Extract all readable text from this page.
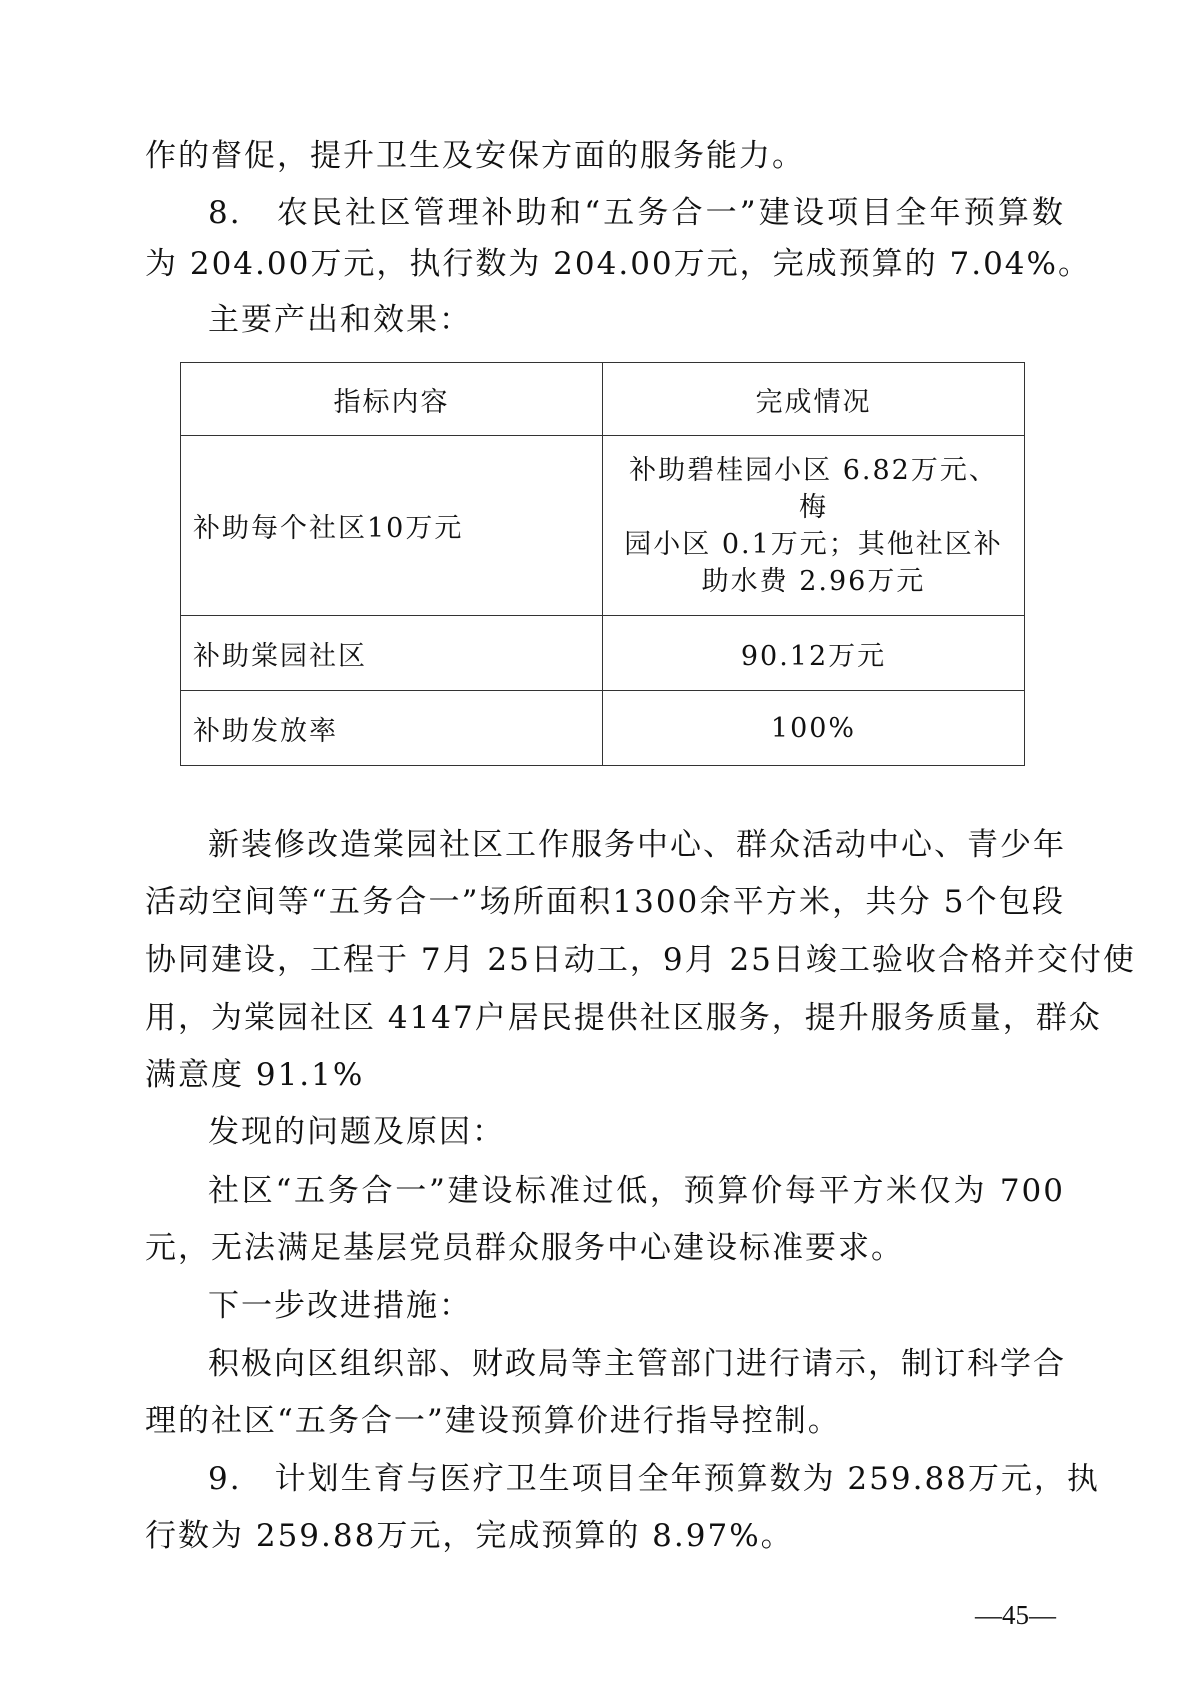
作的督促，提升卫生及安保方面的服务能力。
8.　农民社区管理补助和“五务合一”建设项目全年预算数
为 204.00万元，执行数为 204.00万元，完成预算的 7.04%。
主要产出和效果：
指标内容	完成情况
补助每个社区10万元	补助碧桂园小区 6.82万元、梅
园小区 0.1万元；其他社区补
助水费 2.96万元

补助棠园社区	90.12万元
补助发放率	100%
新装修改造棠园社区工作服务中心、群众活动中心、青少年
活动空间等“五务合一”场所面积1300余平方米，共分 5个包段
协同建设，工程于 7月 25日动工，9月 25日竣工验收合格并交付使
用，为棠园社区 4147户居民提供社区服务，提升服务质量，群众
满意度 91.1%
发现的问题及原因：
社区“五务合一”建设标准过低，预算价每平方米仅为 700
元，无法满足基层党员群众服务中心建设标准要求。
下一步改进措施：
积极向区组织部、财政局等主管部门进行请示，制订科学合
理的社区“五务合一”建设预算价进行指导控制。
9.　计划生育与医疗卫生项目全年预算数为 259.88万元，执
行数为 259.88万元，完成预算的 8.97%。
—45—
